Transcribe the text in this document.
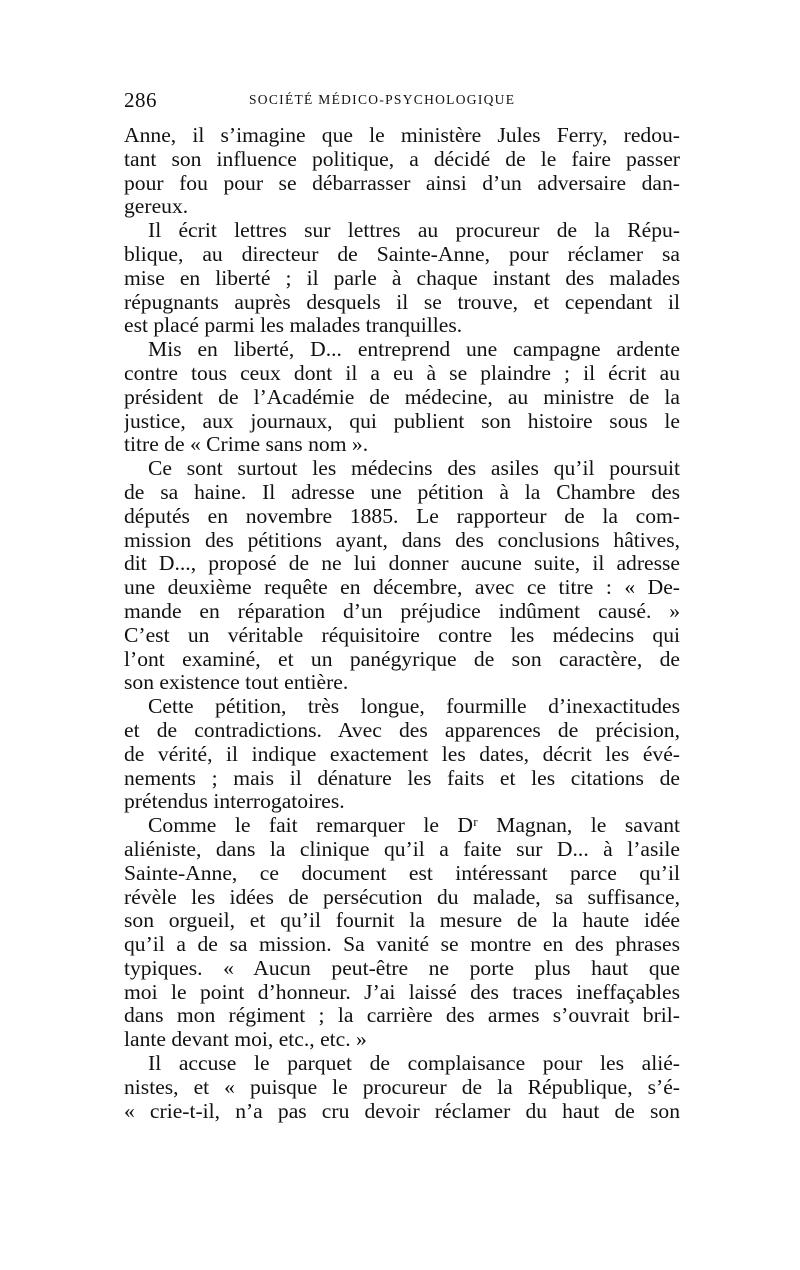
286	SOCIÉTÉ MÉDICO-PSYCHOLOGIQUE
Anne, il s’imagine que le ministère Jules Ferry, redou-
tant son influence politique, a décidé de le faire passer
pour fou pour se débarrasser ainsi d’un adversaire dan-
gereux.
Il écrit lettres sur lettres au procureur de la Répu-
blique, au directeur de Sainte-Anne, pour réclamer sa
mise en liberté ; il parle à chaque instant des malades
répugnants auprès desquels il se trouve, et cependant il
est placé parmi les malades tranquilles.
Mis en liberté, D... entreprend une campagne ardente
contre tous ceux dont il a eu à se plaindre ; il écrit au
président de l’Académie de médecine, au ministre de la
justice, aux journaux, qui publient son histoire sous le
titre de « Crime sans nom ».
Ce sont surtout les médecins des asiles qu’il poursuit
de sa haine. Il adresse une pétition à la Chambre des
députés en novembre 1885. Le rapporteur de la com-
mission des pétitions ayant, dans des conclusions hâtives,
dit D..., proposé de ne lui donner aucune suite, il adresse
une deuxième requête en décembre, avec ce titre : « De-
mande en réparation d’un préjudice indûment causé. »
C’est un véritable réquisitoire contre les médecins qui
l’ont examiné, et un panégyrique de son caractère, de
son existence tout entière.
Cette pétition, très longue, fourmille d’inexactitudes
et de contradictions. Avec des apparences de précision,
de vérité, il indique exactement les dates, décrit les évé-
nements ; mais il dénature les faits et les citations de
prétendus interrogatoires.
Comme le fait remarquer le Dʳ Magnan, le savant
aliéniste, dans la clinique qu’il a faite sur D... à l’asile
Sainte-Anne, ce document est intéressant parce qu’il
révèle les idées de persécution du malade, sa suffisance,
son orgueil, et qu’il fournit la mesure de la haute idée
qu’il a de sa mission. Sa vanité se montre en des phrases
typiques. « Aucun peut-être ne porte plus haut que
moi le point d’honneur. J’ai laissé des traces ineffaçables
dans mon régiment ; la carrière des armes s’ouvrait bril-
lante devant moi, etc., etc. »
Il accuse le parquet de complaisance pour les alié-
nistes, et « puisque le procureur de la République, s’é-
« crie-t-il, n’a pas cru devoir réclamer du haut de son
